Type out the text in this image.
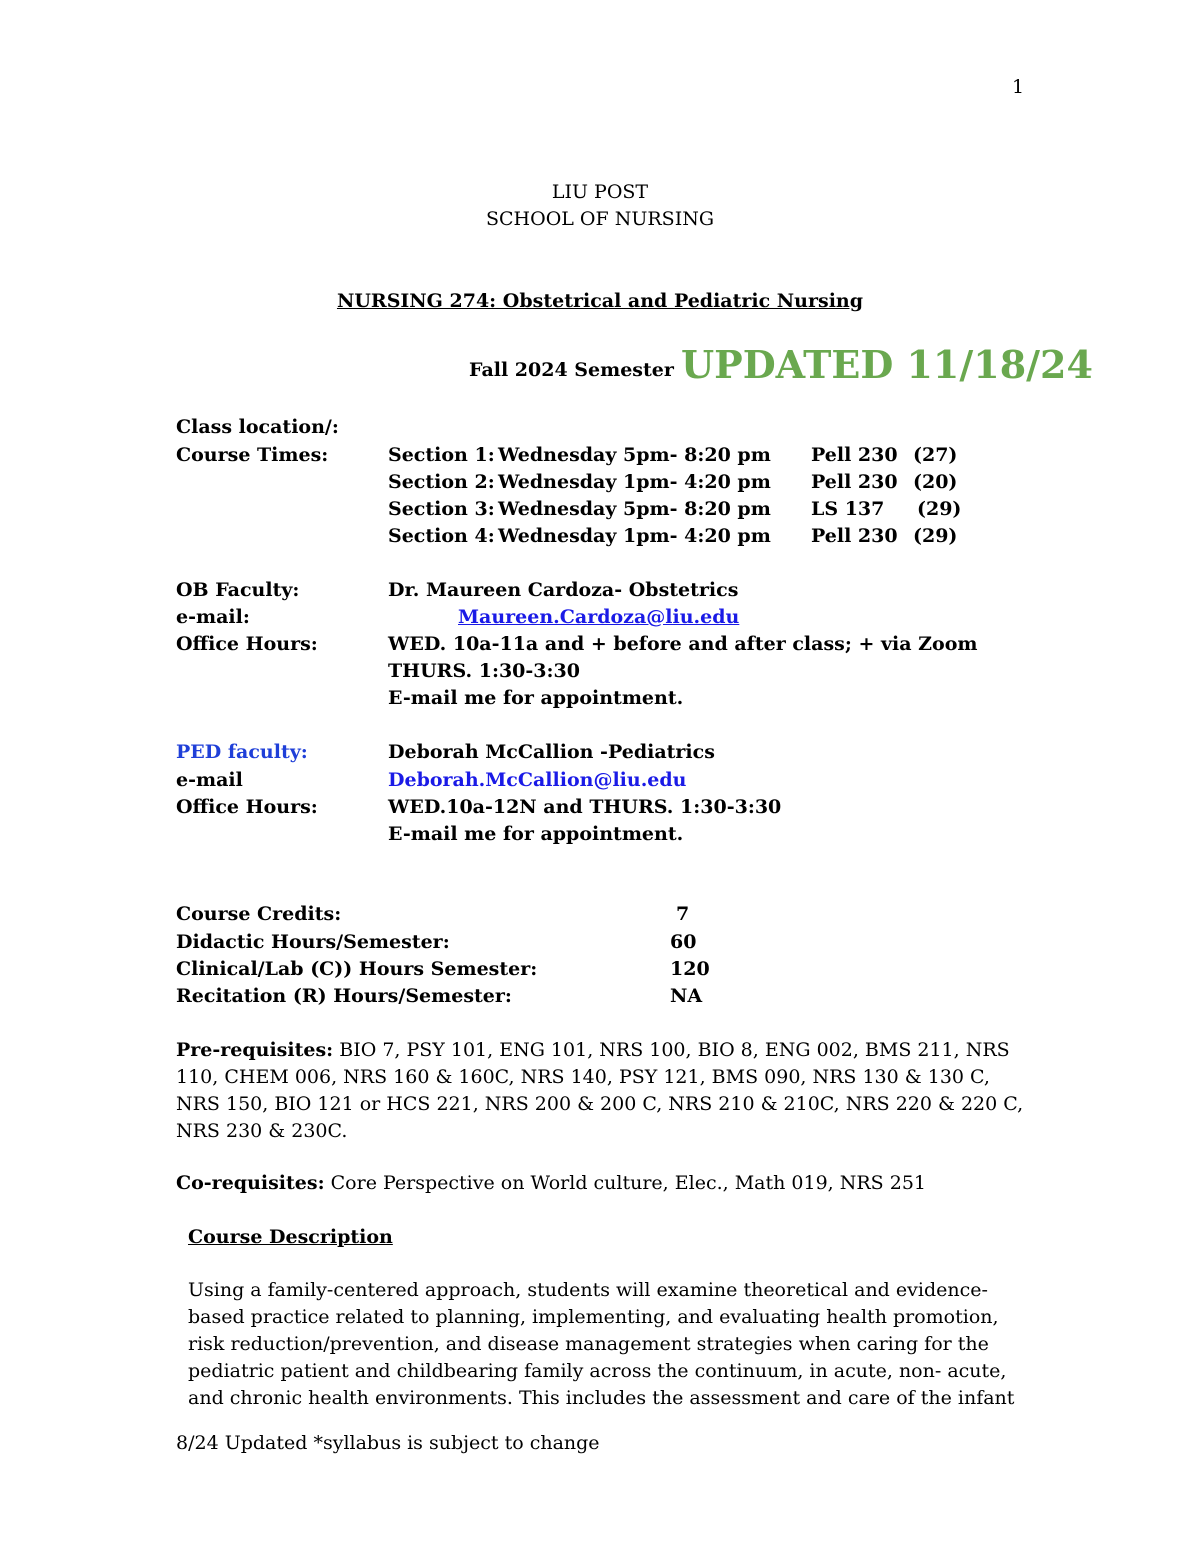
1
LIU POST
SCHOOL OF NURSING
NURSING 274: Obstetrical and Pediatric Nursing
Fall 2024 Semester UPDATED 11/18/24
Class location/:
Course Times:	Section 1: Wednesday 5pm- 8:20 pm Pell 230 (27)
Section 2: Wednesday 1pm- 4:20 pm Pell 230 (20)
Section 3: Wednesday 5pm- 8:20 pm LS 137 (29)
Section 4: Wednesday 1pm- 4:20 pm Pell 230 (29)
OB Faculty:	Dr. Maureen Cardoza- Obstetrics
e-mail:	Maureen.Cardoza@liu.edu
Office Hours:	WED. 10a-11a and + before and after class; + via Zoom
THURS. 1:30-3:30
E-mail me for appointment.
PED faculty:	Deborah McCallion -Pediatrics
e-mail	Deborah.McCallion@liu.edu
Office Hours:	WED.10a-12N and THURS. 1:30-3:30
E-mail me for appointment.
Course Credits:	7
Didactic Hours/Semester:	60
Clinical/Lab (C)) Hours Semester:	120
Recitation (R) Hours/Semester:	NA
Pre-requisites: BIO 7, PSY 101, ENG 101, NRS 100, BIO 8, ENG 002, BMS 211, NRS 110, CHEM 006, NRS 160 & 160C, NRS 140, PSY 121, BMS 090, NRS 130 & 130 C, NRS 150, BIO 121 or HCS 221, NRS 200 & 200 C, NRS 210 & 210C, NRS 220 & 220 C, NRS 230 & 230C.
Co-requisites: Core Perspective on World culture, Elec., Math 019, NRS 251
Course Description
Using a family-centered approach, students will examine theoretical and evidence-
based practice related to planning, implementing, and evaluating health promotion,
risk reduction/prevention, and disease management strategies when caring for the
pediatric patient and childbearing family across the continuum, in acute, non- acute,
and chronic health environments. This includes the assessment and care of the infant
8/24 Updated *syllabus is subject to change
